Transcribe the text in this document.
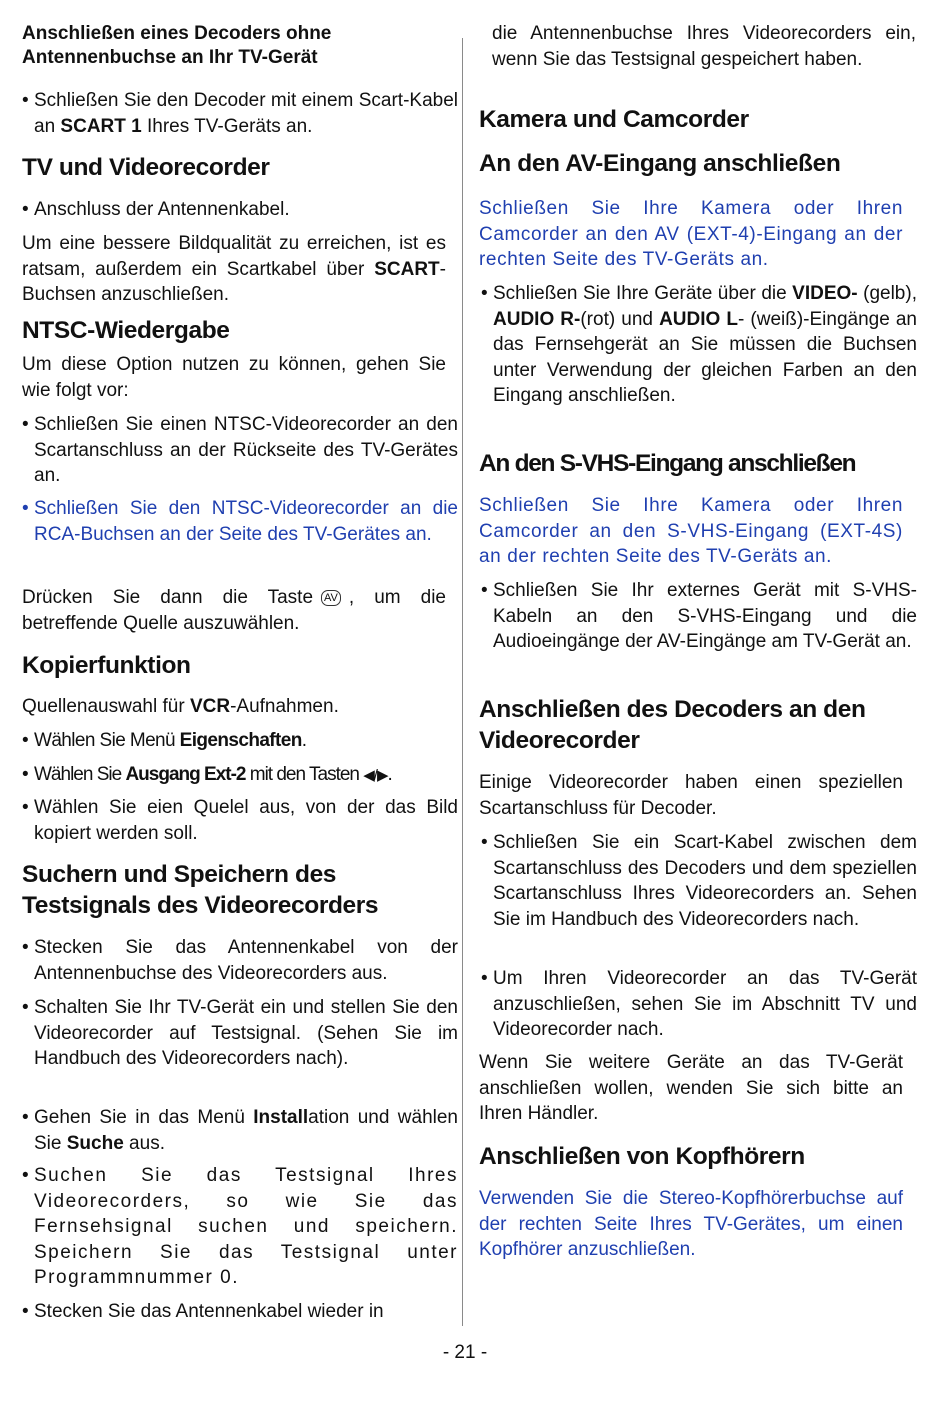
Anschließen eines Decoders ohne
Antennenbuchse an Ihr TV-Gerät

• Schließen Sie den Decoder mit einem Scart-Kabel an SCART 1 Ihres TV-Geräts an.

TV und Videorecorder

• Anschluss der Antennenkabel.

Um eine bessere Bildqualität zu erreichen, ist es ratsam, außerdem ein Scartkabel über SCART-Buchsen anzuschließen.

NTSC-Wiedergabe

Um diese Option nutzen zu können, gehen Sie wie folgt vor:

• Schließen Sie einen NTSC-Videorecorder an den Scartanschluss an der Rückseite des TV-Gerätes an.

• Schließen Sie den NTSC-Videorecorder an die RCA-Buchsen an der Seite des TV-Gerätes an.

Drücken Sie dann die Taste AV , um die betreffende Quelle auszuwählen.

Kopierfunktion

Quellenauswahl für VCR-Aufnahmen.

• Wählen Sie Menü Eigenschaften.

• Wählen Sie Ausgang Ext-2 mit den Tasten ◀/▶.

• Wählen Sie eien Quelel aus, von der das Bild kopiert werden soll.

Suchern und Speichern des
Testsignals des Videorecorders

• Stecken Sie das Antennenkabel von der Antennenbuchse des Videorecorders aus.

• Schalten Sie Ihr TV-Gerät ein und stellen Sie den Videorecorder auf Testsignal. (Sehen Sie im Handbuch des Videorecorders nach).

• Gehen Sie in das Menü Installation und wählen Sie Suche aus.

• Suchen Sie das Testsignal Ihres Videorecorders, so wie Sie das Fernsehsignal suchen und speichern. Speichern Sie das Testsignal unter Programmnummer 0.

• Stecken Sie das Antennenkabel wieder in

die Antennenbuchse Ihres Videorecorders ein, wenn Sie das Testsignal gespeichert haben.

Kamera und Camcorder
An den AV-Eingang anschließen

Schließen Sie Ihre Kamera oder Ihren Camcorder an den AV (EXT-4)-Eingang an der rechten Seite des TV-Geräts an.

• Schließen Sie Ihre Geräte über die VIDEO- (gelb), AUDIO R-(rot) und AUDIO L- (weiß)-Eingänge an das Fernsehgerät an Sie müssen die Buchsen unter Verwendung der gleichen Farben an den Eingang anschließen.

An den S-VHS-Eingang anschließen

Schließen Sie Ihre Kamera oder Ihren Camcorder an den S-VHS-Eingang (EXT-4S) an der rechten Seite des TV-Geräts an.

• Schließen Sie Ihr externes Gerät mit S-VHS-Kabeln an den S-VHS-Eingang und die Audioeingänge der AV-Eingänge am TV-Gerät an.

Anschließen des Decoders an den
Videorecorder

Einige Videorecorder haben einen speziellen Scartanschluss für Decoder.

• Schließen Sie ein Scart-Kabel zwischen dem Scartanschluss des Decoders und dem speziellen Scartanschluss Ihres Videorecorders an. Sehen Sie im Handbuch des Videorecorders nach.

• Um Ihren Videorecorder an das TV-Gerät anzuschließen, sehen Sie im Abschnitt TV und Videorecorder nach.

Wenn Sie weitere Geräte an das TV-Gerät anschließen wollen, wenden Sie sich bitte an Ihren Händler.

Anschließen von Kopfhörern

Verwenden Sie die Stereo-Kopfhörerbuchse auf der rechten Seite Ihres TV-Gerätes, um einen Kopfhörer anzuschließen.

- 21 -
